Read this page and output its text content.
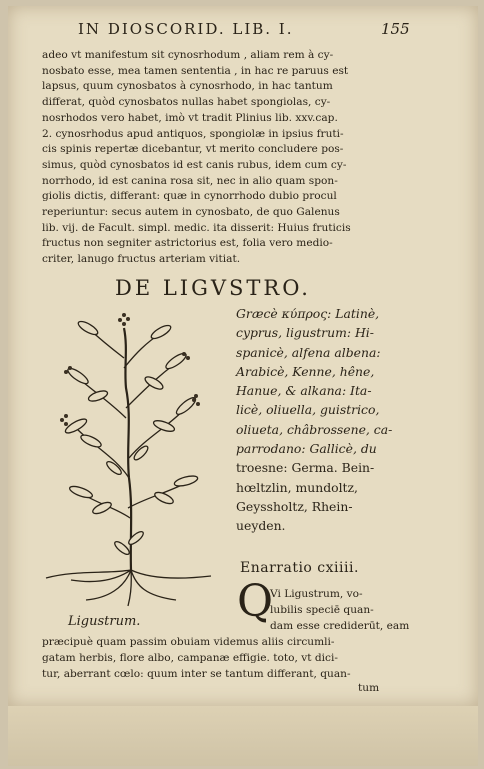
IN DIOSCORID. LIB. I.	155
adeo vt manifestum sit cynosrhodum , aliam rem à cy-
nosbato esse, mea tamen sententia , in hac re paruus est
lapsus, quum cynosbatos à cynosrhodo, in hac tantum
differat, quòd cynosbatos nullas habet spongiolas, cy-
nosrhodos vero habet, imò vt tradit Plinius lib. xxv.cap.
2. cynosrhodus apud antiquos, spongiolæ in ipsius fruti-
cis spinis repertæ dicebantur, vt merito concludere pos-
simus, quòd cynosbatos id est canis rubus, idem cum cy-
norrhodo, id est canina rosa sit, nec in alio quam spon-
giolis dictis, differant: quæ in cynorrhodo dubio procul
reperiuntur: secus autem in cynosbato, de quo Galenus
lib. vij. de Facult. simpl. medic. ita disserit: Huius fruticis
fructus non segniter astrictorius est, folia vero medio-
criter, lanugo fructus arteriam vitiat.
DE LIGVSTRO.
Ligustrum.
Græcè κύπρος: Latinè,
cyprus, ligustrum: Hi-
spanicè, alfena albena:
Arabicè, Kenne, hêne,
Hanue, & alkana: Ita-
licè, oliuella, guistrico,
oliueta, châbrossene, ca-
parrodano: Gallicè, du
troesne: Germa. Bein-
hœltzlin, mundoltz,
Geyssholtz, Rhein-
ueyden.
Enarratio cxiiii.
Q
Vi Ligustrum, vo-
lubilis speciē quan-
dam esse crediderūt, eam
præcipuè quam passim obuiam videmus aliis circumli-
gatam herbis, flore albo, campanæ effigie. toto, vt dici-
tur, aberrant cœlo: quum inter se tantum differant, quan-
tum
